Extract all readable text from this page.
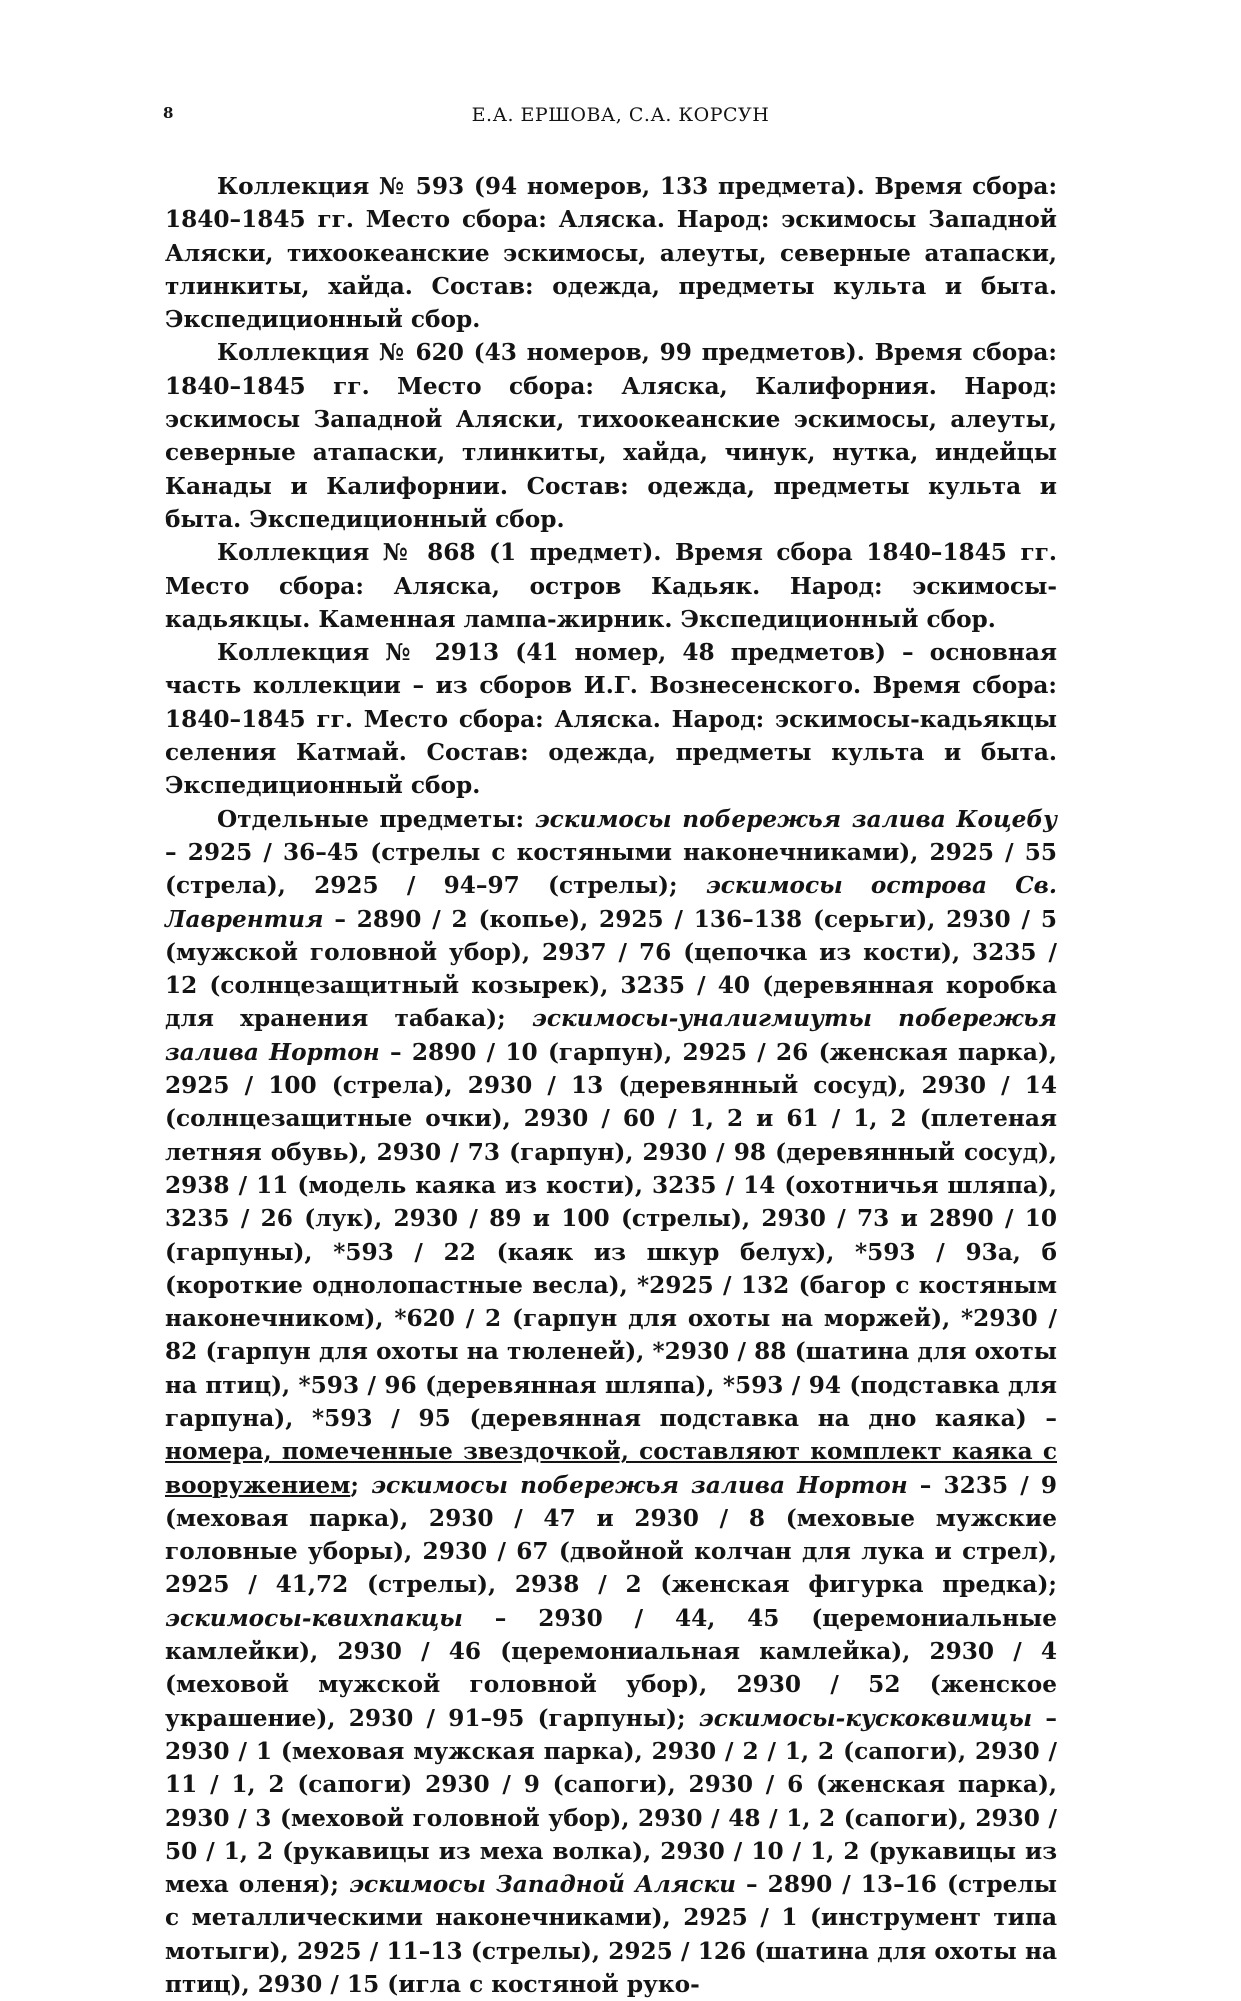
8	Е.А. ЕРШОВА, С.А. КОРСУН

Коллекция № 593 (94 номеров, 133 предмета). Время сбора: 1840–1845 гг. Место сбора: Аляска. Народ: эскимосы Западной Аляски, тихоокеанские эскимосы, алеуты, северные атапаски, тлинкиты, хайда. Состав: одежда, предметы культа и быта. Экспедиционный сбор.

Коллекция № 620 (43 номеров, 99 предметов). Время сбора: 1840–1845 гг. Место сбора: Аляска, Калифорния. Народ: эскимосы Западной Аляски, тихоокеанские эскимосы, алеуты, северные атапаски, тлинкиты, хайда, чинук, нутка, индейцы Канады и Калифорнии. Состав: одежда, предметы культа и быта. Экспедиционный сбор.

Коллекция № 868 (1 предмет). Время сбора 1840–1845 гг. Место сбора: Аляска, остров Кадьяк. Народ: эскимосы-кадьякцы. Каменная лампа-жирник. Экспедиционный сбор.

Коллекция № 2913 (41 номер, 48 предметов) – основная часть коллекции – из сборов И.Г. Вознесенского. Время сбора: 1840–1845 гг. Место сбора: Аляска. Народ: эскимосы-кадьякцы селения Катмай. Состав: одежда, предметы культа и быта. Экспедиционный сбор.

Отдельные предметы: эскимосы побережья залива Коцебу – 2925 / 36–45 (стрелы с костяными наконечниками), 2925 / 55 (стрела), 2925 / 94–97 (стрелы); эскимосы острова Св. Лаврентия – 2890 / 2 (копье), 2925 / 136–138 (серьги), 2930 / 5 (мужской головной убор), 2937 / 76 (цепочка из кости), 3235 / 12 (солнцезащитный козырек), 3235 / 40 (деревянная коробка для хранения табака); эскимосы-уналигмиуты побережья залива Нортон – 2890 / 10 (гарпун), 2925 / 26 (женская парка), 2925 / 100 (стрела), 2930 / 13 (деревянный сосуд), 2930 / 14 (солнцезащитные очки), 2930 / 60 / 1, 2 и 61 / 1, 2 (плетеная летняя обувь), 2930 / 73 (гарпун), 2930 / 98 (деревянный сосуд), 2938 / 11 (модель каяка из кости), 3235 / 14 (охотничья шляпа), 3235 / 26 (лук), 2930 / 89 и 100 (стрелы), 2930 / 73 и 2890 / 10 (гарпуны), *593 / 22 (каяк из шкур белух), *593 / 93а, б (короткие однолопастные весла), *2925 / 132 (багор с костяным наконечником), *620 / 2 (гарпун для охоты на моржей), *2930 / 82 (гарпун для охоты на тюленей), *2930 / 88 (шатина для охоты на птиц), *593 / 96 (деревянная шляпа), *593 / 94 (подставка для гарпуна), *593 / 95 (деревянная подставка на дно каяка) – номера, помеченные звездочкой, составляют комплект каяка с вооружением; эскимосы побережья залива Нортон – 3235 / 9 (меховая парка), 2930 / 47 и 2930 / 8 (меховые мужские головные уборы), 2930 / 67 (двойной колчан для лука и стрел), 2925 / 41,72 (стрелы), 2938 / 2 (женская фигурка предка); эскимосы-квихпакцы – 2930 / 44, 45 (церемониальные камлейки), 2930 / 46 (церемониальная камлейка), 2930 / 4 (меховой мужской головной убор), 2930 / 52 (женское украшение), 2930 / 91–95 (гарпуны); эскимосы-кускоквимцы – 2930 / 1 (меховая мужская парка), 2930 / 2 / 1, 2 (сапоги), 2930 / 11 / 1, 2 (сапоги) 2930 / 9 (сапоги), 2930 / 6 (женская парка), 2930 / 3 (меховой головной убор), 2930 / 48 / 1, 2 (сапоги), 2930 / 50 / 1, 2 (рукавицы из меха волка), 2930 / 10 / 1, 2 (рукавицы из меха оленя); эскимосы Западной Аляски – 2890 / 13–16 (стрелы с металлическими наконечниками), 2925 / 1 (инструмент типа мотыги), 2925 / 11–13 (стрелы), 2925 / 126 (шатина для охоты на птиц), 2930 / 15 (игла с костяной руко-
